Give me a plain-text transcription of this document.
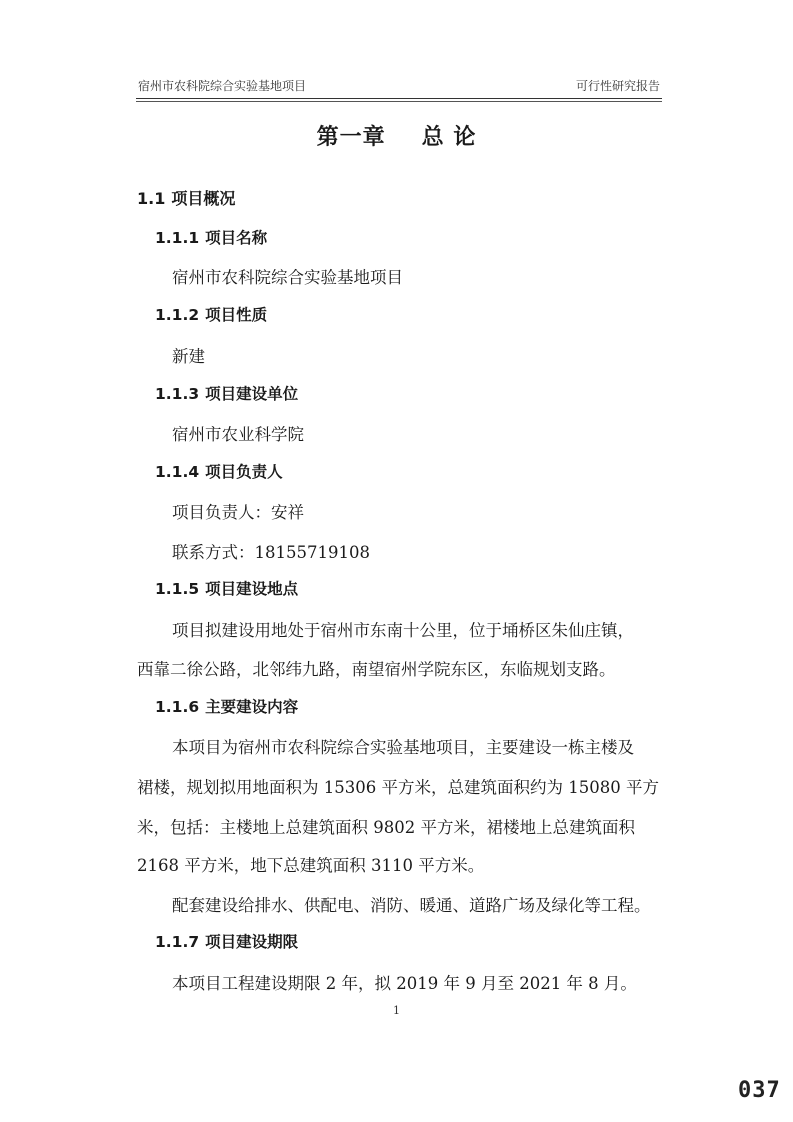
宿州市农科院综合实验基地项目	可行性研究报告
第一章 总 论
1.1 项目概况
1.1.1 项目名称
宿州市农科院综合实验基地项目
1.1.2 项目性质
新建
1.1.3 项目建设单位
宿州市农业科学院
1.1.4 项目负责人
项目负责人：安祥
联系方式：18155719108
1.1.5 项目建设地点
项目拟建设用地处于宿州市东南十公里，位于埇桥区朱仙庄镇，
西靠二徐公路，北邻纬九路，南望宿州学院东区，东临规划支路。
1.1.6 主要建设内容
本项目为宿州市农科院综合实验基地项目，主要建设一栋主楼及
裙楼，规划拟用地面积为 15306 平方米，总建筑面积约为 15080 平方
米，包括：主楼地上总建筑面积 9802 平方米，裙楼地上总建筑面积
2168 平方米，地下总建筑面积 3110 平方米。
配套建设给排水、供配电、消防、暖通、道路广场及绿化等工程。
1.1.7 项目建设期限
本项目工程建设期限 2 年，拟 2019 年 9 月至 2021 年 8 月。
1
037
